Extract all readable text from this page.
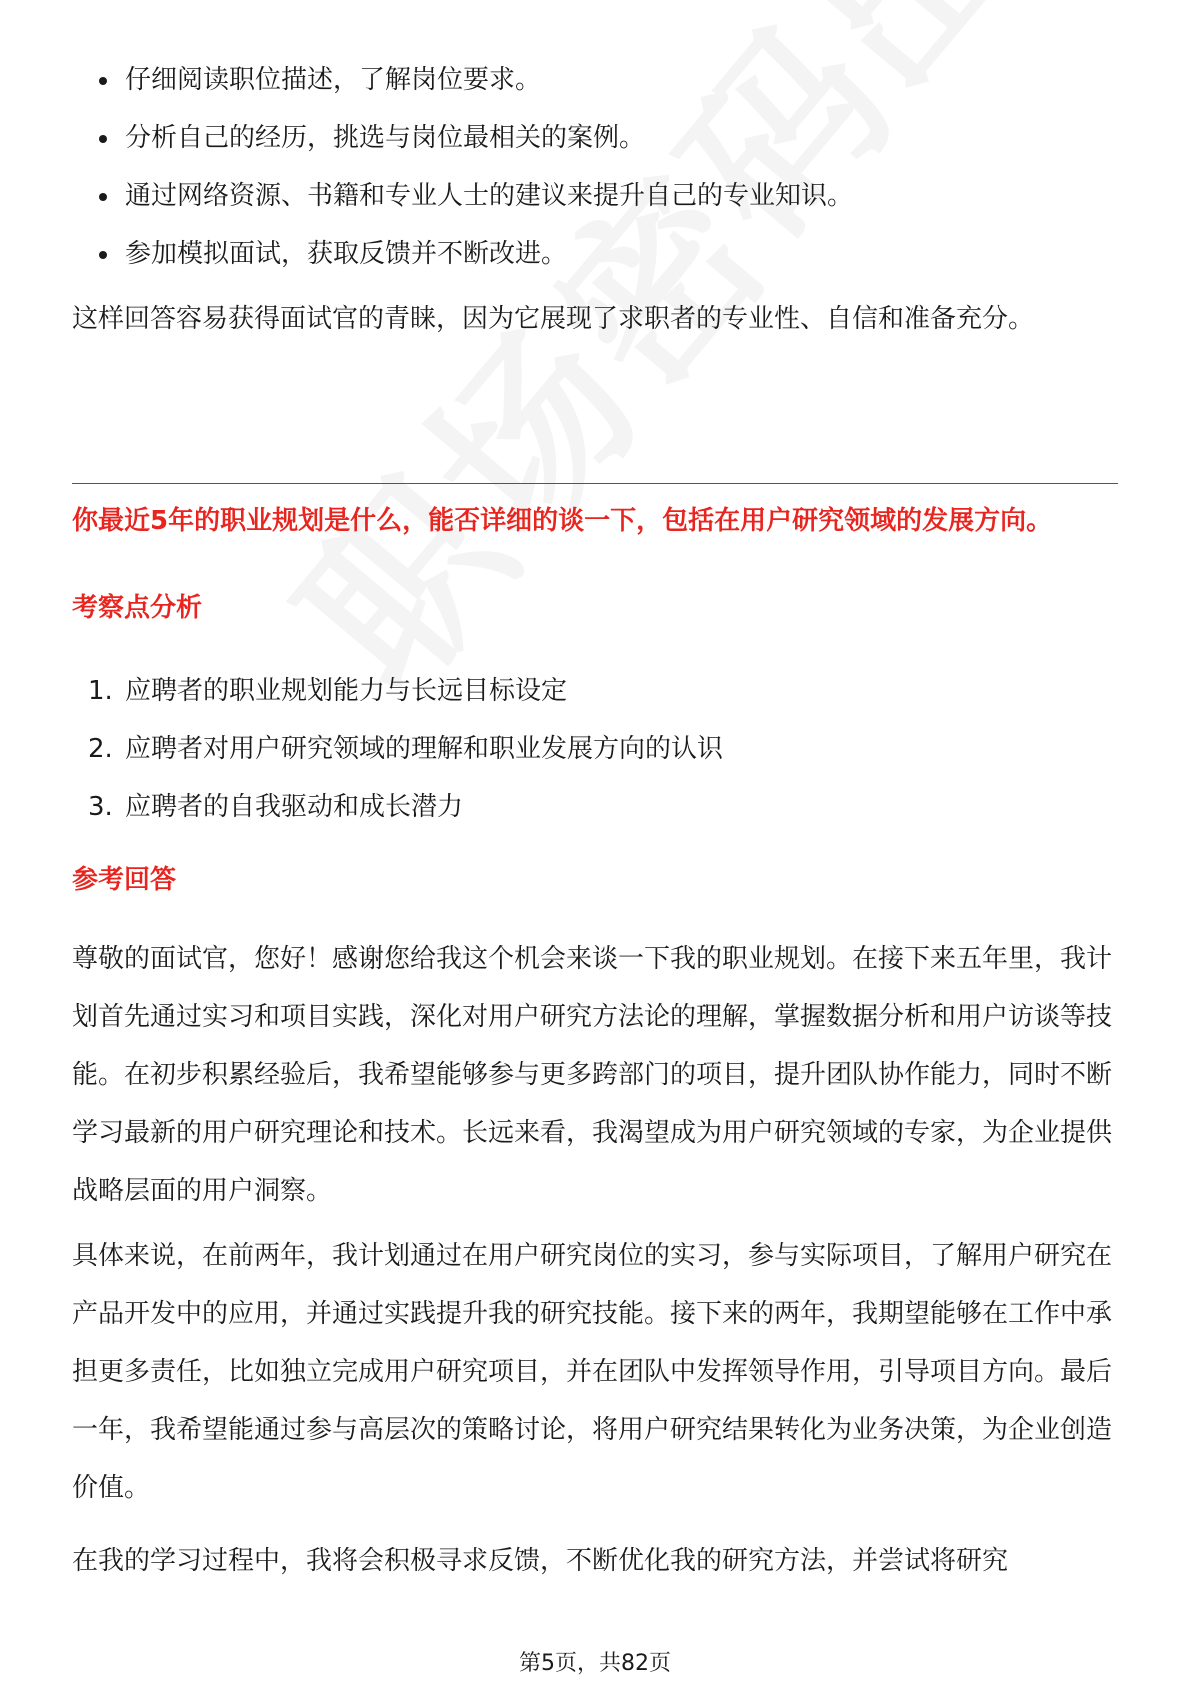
仔细阅读职位描述，了解岗位要求。
分析自己的经历，挑选与岗位最相关的案例。
通过网络资源、书籍和专业人士的建议来提升自己的专业知识。
参加模拟面试，获取反馈并不断改进。

这样回答容易获得面试官的青睐，因为它展现了求职者的专业性、自信和准备充分。

你最近5年的职业规划是什么，能否详细的谈一下，包括在用户研究领域的发展方向。

考察点分析
1. 应聘者的职业规划能力与长远目标设定
2. 应聘者对用户研究领域的理解和职业发展方向的认识
3. 应聘者的自我驱动和成长潜力
参考回答

尊敬的面试官，您好！感谢您给我这个机会来谈一下我的职业规划。在接下来五年里，我计划首先通过实习和项目实践，深化对用户研究方法论的理解，掌握数据分析和用户访谈等技能。在初步积累经验后，我希望能够参与更多跨部门的项目，提升团队协作能力，同时不断学习最新的用户研究理论和技术。长远来看，我渴望成为用户研究领域的专家，为企业提供战略层面的用户洞察。

具体来说，在前两年，我计划通过在用户研究岗位的实习，参与实际项目，了解用户研究在产品开发中的应用，并通过实践提升我的研究技能。接下来的两年，我期望能够在工作中承担更多责任，比如独立完成用户研究项目，并在团队中发挥领导作用，引导项目方向。最后一年，我希望能通过参与高层次的策略讨论，将用户研究结果转化为业务决策，为企业创造价值。

在我的学习过程中，我将会积极寻求反馈，不断优化我的研究方法，并尝试将研究

第5页，共82页
